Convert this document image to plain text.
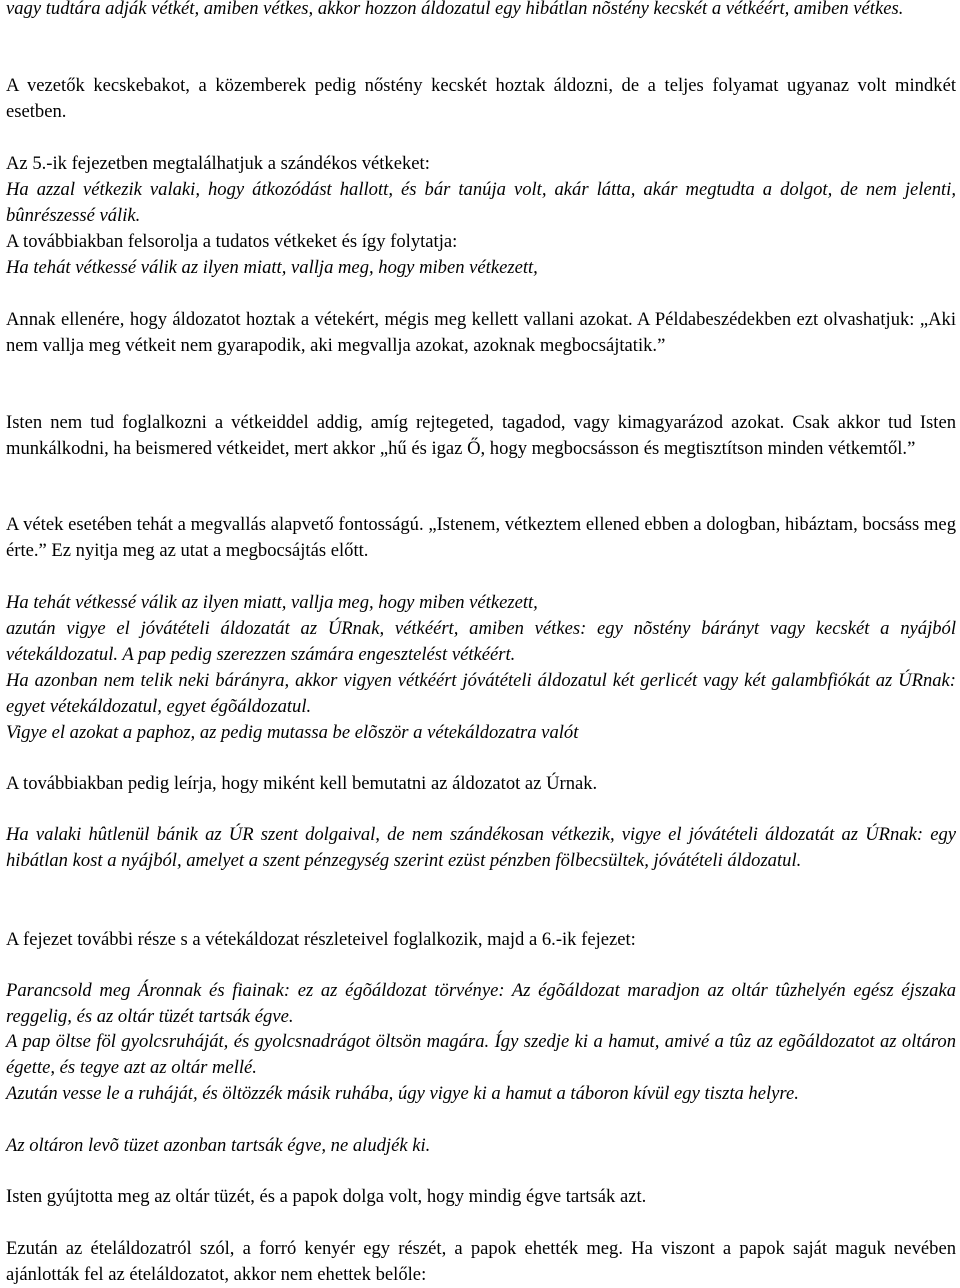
vagy tudtára adják vétkét, amiben vétkes, akkor hozzon áldozatul egy hibátlan nõstény kecskét a vétkéért, amiben vétkes.

A vezetők kecskebakot, a közemberek pedig nőstény kecskét hoztak áldozni, de a teljes folyamat ugyanaz volt mindkét esetben.

Az 5.-ik fejezetben megtalálhatjuk a szándékos vétkeket:

Ha azzal vétkezik valaki, hogy átkozódást hallott, és bár tanúja volt, akár látta, akár megtudta a dolgot, de nem jelenti, bûnrészessé válik.

A továbbiakban felsorolja a tudatos vétkeket és így folytatja:

Ha tehát vétkessé válik az ilyen miatt, vallja meg, hogy miben vétkezett,

Annak ellenére, hogy áldozatot hoztak a vétekért, mégis meg kellett vallani azokat. A Példabeszédekben ezt olvashatjuk: „Aki nem vallja meg vétkeit nem gyarapodik, aki megvallja azokat, azoknak megbocsájtatik.”

Isten nem tud foglalkozni a vétkeiddel addig, amíg rejtegeted, tagadod, vagy kimagyarázod azokat. Csak akkor tud Isten munkálkodni, ha beismered vétkeidet, mert akkor „hű és igaz Ő, hogy megbocsásson és megtisztítson minden vétkemtől.”

A vétek esetében tehát a megvallás alapvető fontosságú. „Istenem, vétkeztem ellened ebben a dologban, hibáztam, bocsáss meg érte.” Ez nyitja meg az utat a megbocsájtás előtt.

Ha tehát vétkessé válik az ilyen miatt, vallja meg, hogy miben vétkezett,

azután vigye el jóvátételi áldozatát az ÚRnak, vétkéért, amiben vétkes: egy nõstény bárányt vagy kecskét a nyájból vétekáldozatul. A pap pedig szerezzen számára engesztelést vétkéért.

Ha azonban nem telik neki bárányra, akkor vigyen vétkéért jóvátételi áldozatul két gerlicét vagy két galambfiókát az ÚRnak: egyet vétekáldozatul, egyet égõáldozatul.

Vigye el azokat a paphoz, az pedig mutassa be elõször a vétekáldozatra valót

A továbbiakban pedig leírja, hogy miként kell bemutatni az áldozatot az Úrnak.

Ha valaki hûtlenül bánik az ÚR szent dolgaival, de nem szándékosan vétkezik, vigye el jóvátételi áldozatát az ÚRnak: egy hibátlan kost a nyájból, amelyet a szent pénzegység szerint ezüst pénzben fölbecsültek, jóvátételi áldozatul.

A fejezet további része s a vétekáldozat részleteivel foglalkozik, majd a 6.-ik fejezet:

Parancsold meg Áronnak és fiainak: ez az égõáldozat törvénye: Az égõáldozat maradjon az oltár tûzhelyén egész éjszaka reggelig, és az oltár tüzét tartsák égve.

A pap öltse föl gyolcsruháját, és gyolcsnadrágot öltsön magára. Így szedje ki a hamut, amivé a tûz az egõáldozatot az oltáron égette, és tegye azt az oltár mellé.

Azután vesse le a ruháját, és öltözzék másik ruhába, úgy vigye ki a hamut a táboron kívül egy tiszta helyre.

Az oltáron levõ tüzet azonban tartsák égve, ne aludjék ki.

Isten gyújtotta meg az oltár tüzét, és a papok dolga volt, hogy mindig égve tartsák azt.

Ezután az ételáldozatról szól, a forró kenyér egy részét, a papok ehették meg. Ha viszont a papok saját maguk nevében ajánlották fel az ételáldozatot, akkor nem ehettek belőle:
